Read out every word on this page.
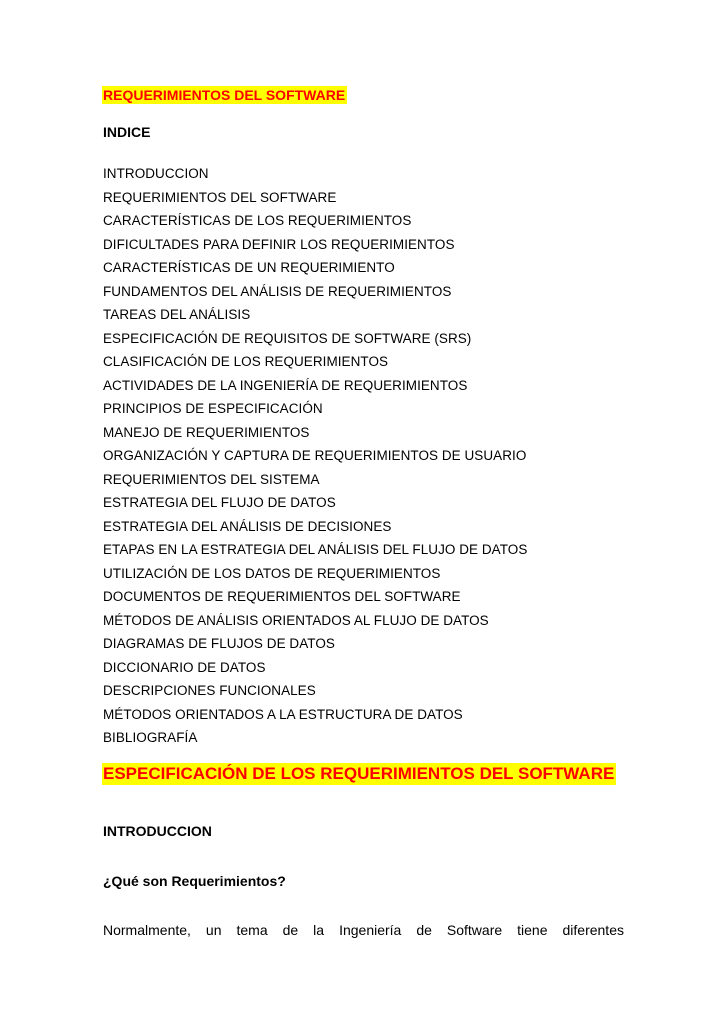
REQUERIMIENTOS DEL SOFTWARE
INDICE
INTRODUCCION
REQUERIMIENTOS DEL SOFTWARE
CARACTERÍSTICAS DE LOS REQUERIMIENTOS
DIFICULTADES PARA DEFINIR LOS REQUERIMIENTOS
CARACTERÍSTICAS DE UN REQUERIMIENTO
FUNDAMENTOS DEL ANÁLISIS DE REQUERIMIENTOS
TAREAS DEL ANÁLISIS
ESPECIFICACIÓN DE REQUISITOS DE SOFTWARE (SRS)
CLASIFICACIÓN DE LOS REQUERIMIENTOS
ACTIVIDADES DE LA INGENIERÍA DE REQUERIMIENTOS
PRINCIPIOS DE ESPECIFICACIÓN
MANEJO DE REQUERIMIENTOS
ORGANIZACIÓN Y CAPTURA DE REQUERIMIENTOS DE USUARIO
REQUERIMIENTOS DEL SISTEMA
ESTRATEGIA DEL FLUJO DE DATOS
ESTRATEGIA DEL ANÁLISIS DE DECISIONES
ETAPAS EN LA ESTRATEGIA DEL ANÁLISIS DEL FLUJO DE DATOS
UTILIZACIÓN DE LOS DATOS DE REQUERIMIENTOS
DOCUMENTOS DE REQUERIMIENTOS DEL SOFTWARE
MÉTODOS DE ANÁLISIS ORIENTADOS AL FLUJO DE DATOS
DIAGRAMAS DE FLUJOS DE DATOS
DICCIONARIO DE DATOS
DESCRIPCIONES FUNCIONALES
MÉTODOS ORIENTADOS A LA ESTRUCTURA DE DATOS
BIBLIOGRAFÍA
ESPECIFICACIÓN DE LOS REQUERIMIENTOS DEL SOFTWARE
INTRODUCCION
¿Qué son Requerimientos?
Normalmente, un tema de la Ingeniería de Software tiene diferentes
